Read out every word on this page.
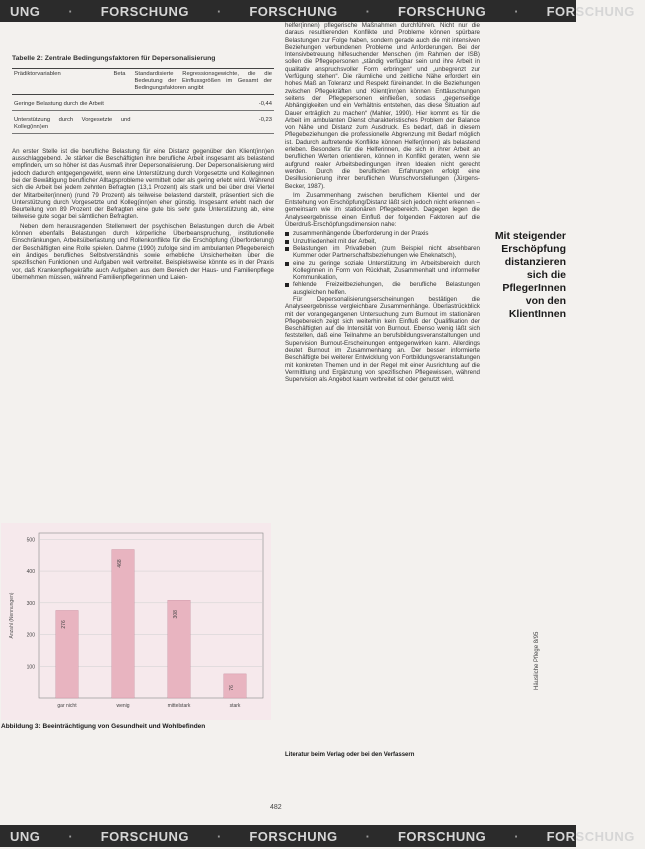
UNG	·	FORSCHUNG	·	FORSCHUNG	·	FORSCHUNG	·	FORSCHUNG
Tabelle 2: Zentrale Bedingungsfaktoren für Depersonalisierung
Prädiktorvariablen	Beta	Standardisierte Regressionsgewichte, die die Bedeutung der Einflussgrößen im Gesamt der Bedingungsfaktoren angibt
Geringe Belastung durch die Arbeit		-0,44
Unterstützung durch Vorgesetzte und Kolleg(inn)en		-0,23

An erster Stelle ist die berufliche Belastung für eine Distanz gegenüber den Klient(inn)en ausschlaggebend. Je stärker die Beschäftigten ihre berufliche Arbeit insgesamt als belastend empfinden, um so höher ist das Ausmaß ihrer Depersonalisierung. Der Depersonalisierung wird jedoch dadurch entgegengewirkt, wenn eine Unterstützung durch Vorgesetzte und Kolleginnen bei der Bewältigung beruflicher Alltagsprobleme vermittelt oder als gering erlebt wird. Während sich die Arbeit bei jedem zehnten Befragten (13,1 Prozent) als stark und bei über drei Viertel der Mitarbeiter(innen) (rund 79 Prozent) als teilweise belastend darstellt, präsentiert sich die Unterstützung durch Vorgesetzte und Kolleg(inn)en eher günstig. Insgesamt erlebt nach der Beurteilung von 89 Prozent der Befragten eine gute bis sehr gute Unterstützung ab, eine teilweise gute sogar bei sämtlichen Befragten.

Neben dem herausragenden Stellenwert der psychischen Belastungen durch die Arbeit können ebenfalls Belastungen durch körperliche Überbeanspruchung, institutionelle Einschränkungen, Arbeitsüberlastung und Rollenkonflikte für die Erschöpfung (Überforderung) der Beschäftigten eine Rolle spielen. Dahme (1990) zufolge sind im ambulanten Pflegebereich ein ändiges berufliches Selbstverständnis sowie erhebliche Unsicherheiten über die spezifischen Funktionen und Aufgaben weit verbreitet. Beispielsweise könnte es in der Praxis vor, daß Krankenpflegekräfte auch Aufgaben aus dem Bereich der Haus- und Familienpflege übernehmen müssen, während Familienpflegerinnen und Laien-

100
200
300
400
500
Anzahl (Nennungen)	276
gar nicht
468
wenig
308
mittelstark
76
stark
Abbildung 3: Beeinträchtigung von Gesundheit und Wohlbefinden

helfer(innen) pflegerische Maßnahmen durchführen. Nicht nur die daraus resultierenden Konflikte und Probleme können spürbare Belastungen zur Folge haben, sondern gerade auch die mit intensiven Beziehungen verbundenen Probleme und Anforderungen. Bei der Intensivbetreuung hilfesuchender Menschen (im Rahmen der ISB) sollen die Pflegepersonen „ständig verfügbar sein und ihre Arbeit in qualitativ anspruchsvoller Form erbringen“ und „unbegrenzt zur Verfügung stehen“. Die räumliche und zeitliche Nähe erfordert ein hohes Maß an Toleranz und Respekt füreinander. In die Beziehungen zwischen Pflegekräften und Klient(inn)en können Enttäuschungen seitens der Pflegepersonen einfließen, sodass „gegenseitige Abhängigkeiten und ein Verhältnis entstehen, das diese Situation auf Dauer erträglich zu machen“ (Mahler, 1990). Hier kommt es für die Arbeit im ambulanten Dienst charakteristisches Problem der Balance von Nähe und Distanz zum Ausdruck. Es bedarf, daß in diesem Pflegebeziehungen die professionelle Abgrenzung mit Bedarf möglich ist. Dadurch auftretende Konflikte können Helfer(innen) als belastend erleben. Besonders für die Helferinnen, die sich in ihrer Arbeit an beruflichen Werten orientieren, können in Konflikt geraten, wenn sie aufgrund realer Arbeitsbedingungen ihren Idealen nicht gerecht werden. Durch die beruflichen Erfahrungen erfolgt eine Desillusionierung ihrer beruflichen Wunschvorstellungen (Jürgens-Becker, 1987).

Im Zusammenhang zwischen beruflichem Klientel und der Entstehung von Erschöpfung/Distanz läßt sich jedoch nicht erkennen – gemeinsam wie im stationären Pflegebereich. Dagegen legen die Analyseergebnisse einen Einfluß der folgenden Faktoren auf die Überdruß-Erschöpfungsdimension nahe:

zusammenhängende Überforderung in der Praxis

Unzufriedenheit mit der Arbeit,

Belastungen im Privatleben (zum Beispiel nicht absehbaren Kummer oder Partnerschaftsbeziehungen wie Eheknatsch),

eine zu geringe soziale Unterstützung im Arbeitsbereich durch Kolleginnen in Form von Rückhalt, Zusammenhalt und informeller Kommunikation,

fehlende Freizeitbeziehungen, die berufliche Belastungen ausgleichen helfen.

Für Depersonalisierungserscheinungen bestätigen die Analyseergebnisse vergleichbare Zusammenhänge. Überlastrückblick mit der vorangegangenen Untersuchung zum Burnout im stationären Pflegebereich zeigt sich weiterhin kein Einfluß der Qualifikation der Beschäftigten auf die Intensität von Burnout. Ebenso wenig läßt sich feststellen, daß eine Teilnahme an berufsbildungsveranstaltungen und Supervision Burnout-Erscheinungen entgegenwirken kann. Allerdings deutet Burnout im Zusammenhang an. Der besser informierte Beschäftigte bei weiterer Entwicklung von Fortbildungsveranstaltungen mit konkreten Themen und in der Regel mit einer Ausrichtung auf die Vermittlung und Ergänzung von spezifischen Pflegewissen, während Supervision als Angebot kaum verbreitet ist oder genutzt wird.

Mit steigender Erschöpfung distanzieren sich die PflegerInnen von den KlientInnen
Literatur beim Verlag oder bei den Verfassern
Häusliche Pflege 8/95
482
UNG	·	FORSCHUNG	·	FORSCHUNG	·	FORSCHUNG	·	FORSCHUNG
